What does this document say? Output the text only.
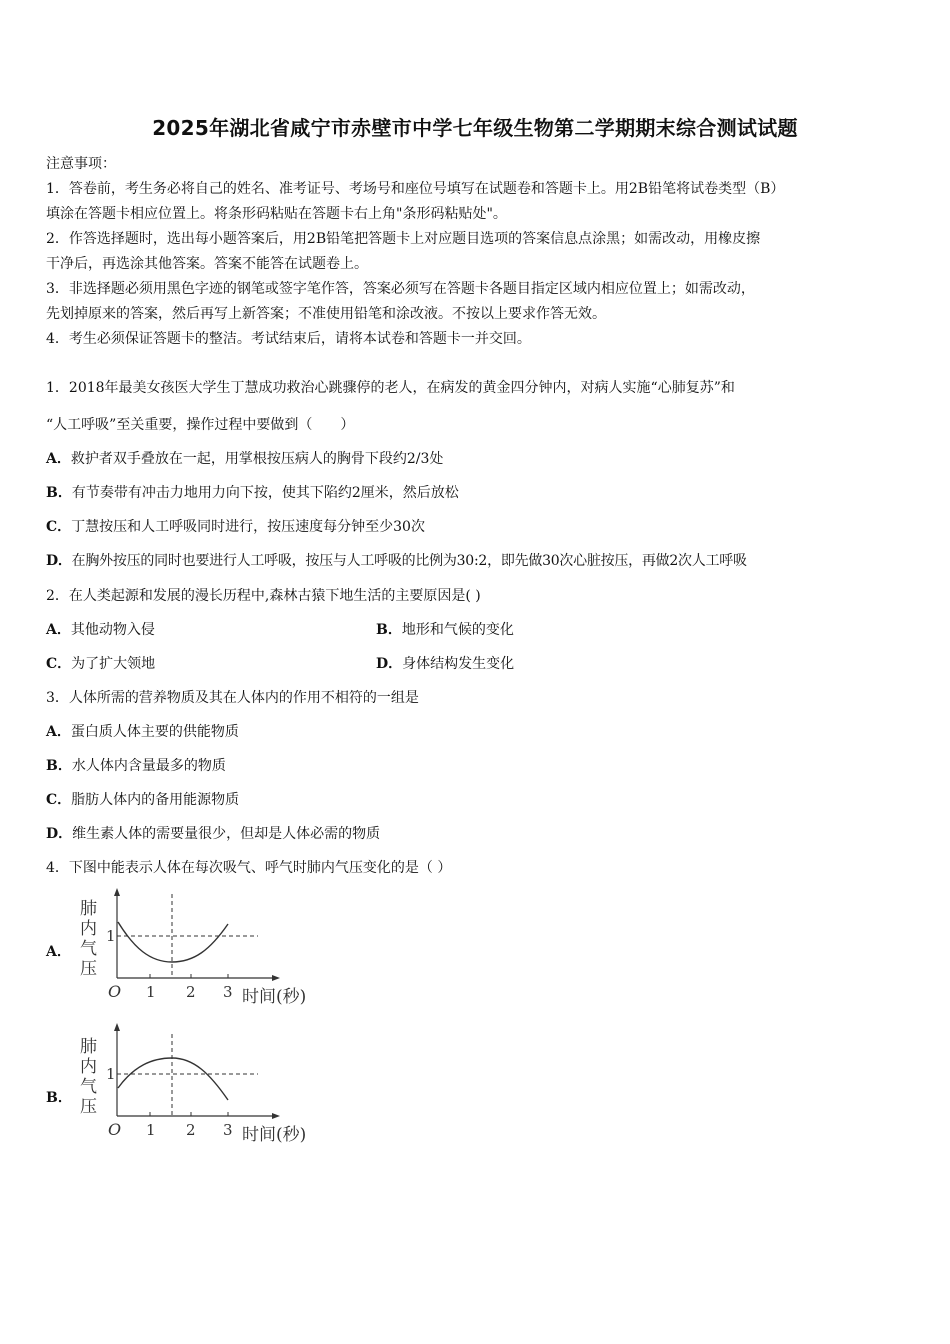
2025年湖北省咸宁市赤壁市中学七年级生物第二学期期末综合测试试题
注意事项：
1．答卷前，考生务必将自己的姓名、准考证号、考场号和座位号填写在试题卷和答题卡上。用2B铅笔将试卷类型（B）
填涂在答题卡相应位置上。将条形码粘贴在答题卡右上角"条形码粘贴处"。
2．作答选择题时，选出每小题答案后，用2B铅笔把答题卡上对应题目选项的答案信息点涂黑；如需改动，用橡皮擦
干净后，再选涂其他答案。答案不能答在试题卷上。
3．非选择题必须用黑色字迹的钢笔或签字笔作答，答案必须写在答题卡各题目指定区域内相应位置上；如需改动，
先划掉原来的答案，然后再写上新答案；不准使用铅笔和涂改液。不按以上要求作答无效。
4．考生必须保证答题卡的整洁。考试结束后，请将本试卷和答题卡一并交回。
1．2018年最美女孩医大学生丁慧成功救治心跳骤停的老人，在病发的黄金四分钟内，对病人实施“心肺复苏”和
“人工呼吸”至关重要，操作过程中要做到（　　）
A．救护者双手叠放在一起，用掌根按压病人的胸骨下段约2/3处
B．有节奏带有冲击力地用力向下按，使其下陷约2厘米，然后放松
C．丁慧按压和人工呼吸同时进行，按压速度每分钟至少30次
D．在胸外按压的同时也要进行人工呼吸，按压与人工呼吸的比例为30:2，即先做30次心脏按压，再做2次人工呼吸
2．在人类起源和发展的漫长历程中,森林古猿下地生活的主要原因是( )
A．其他动物入侵	B．地形和气候的变化
C．为了扩大领地	D．身体结构发生变化
3．人体所需的营养物质及其在人体内的作用不相符的一组是
A．蛋白质人体主要的供能物质
B．水人体内含量最多的物质
C．脂肪人体内的备用能源物质
D．维生素人体的需要量很少，但却是人体必需的物质
4．下图中能表示人体在每次吸气、呼气时肺内气压变化的是（ ）
A．
肺
内
气
压
1
O 1 2 3 时间(秒)
B．
肺
内
气
压
1
O 1 2 3 时间(秒)
